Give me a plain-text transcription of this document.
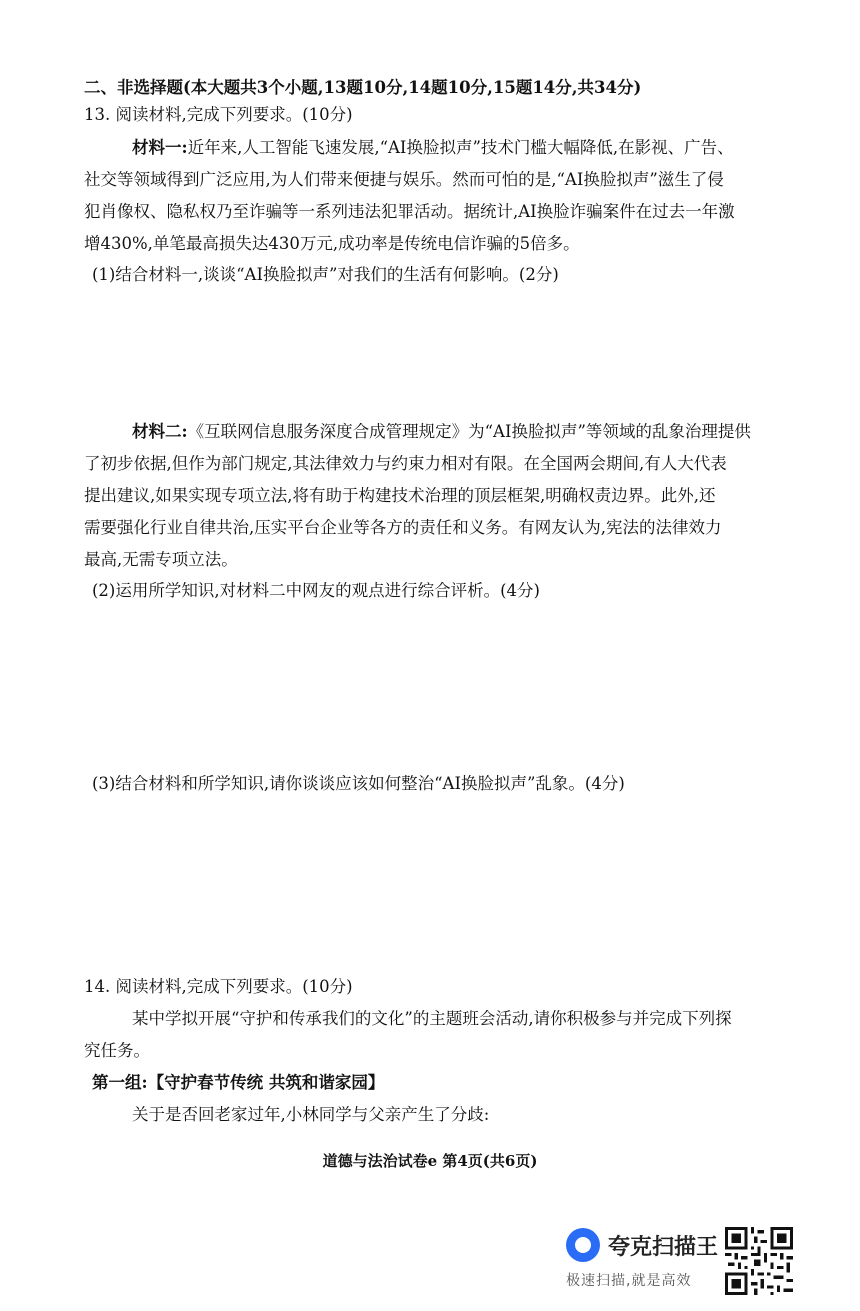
二、非选择题(本大题共3个小题,13题10分,14题10分,15题14分,共34分)
13. 阅读材料,完成下列要求。(10分)
材料一:近年来,人工智能飞速发展,“AI换脸拟声”技术门槛大幅降低,在影视、广告、
社交等领域得到广泛应用,为人们带来便捷与娱乐。然而可怕的是,“AI换脸拟声”滋生了侵
犯肖像权、隐私权乃至诈骗等一系列违法犯罪活动。据统计,AI换脸诈骗案件在过去一年激
增430%,单笔最高损失达430万元,成功率是传统电信诈骗的5倍多。
(1)结合材料一,谈谈“AI换脸拟声”对我们的生活有何影响。(2分)
材料二:《互联网信息服务深度合成管理规定》为“AI换脸拟声”等领域的乱象治理提供
了初步依据,但作为部门规定,其法律效力与约束力相对有限。在全国两会期间,有人大代表
提出建议,如果实现专项立法,将有助于构建技术治理的顶层框架,明确权责边界。此外,还
需要强化行业自律共治,压实平台企业等各方的责任和义务。有网友认为,宪法的法律效力
最高,无需专项立法。
(2)运用所学知识,对材料二中网友的观点进行综合评析。(4分)
(3)结合材料和所学知识,请你谈谈应该如何整治“AI换脸拟声”乱象。(4分)
14. 阅读材料,完成下列要求。(10分)
某中学拟开展“守护和传承我们的文化”的主题班会活动,请你积极参与并完成下列探
究任务。
第一组:【守护春节传统 共筑和谐家园】
关于是否回老家过年,小林同学与父亲产生了分歧:
道德与法治试卷e 第4页(共6页)
夸克扫描王
极速扫描,就是高效
